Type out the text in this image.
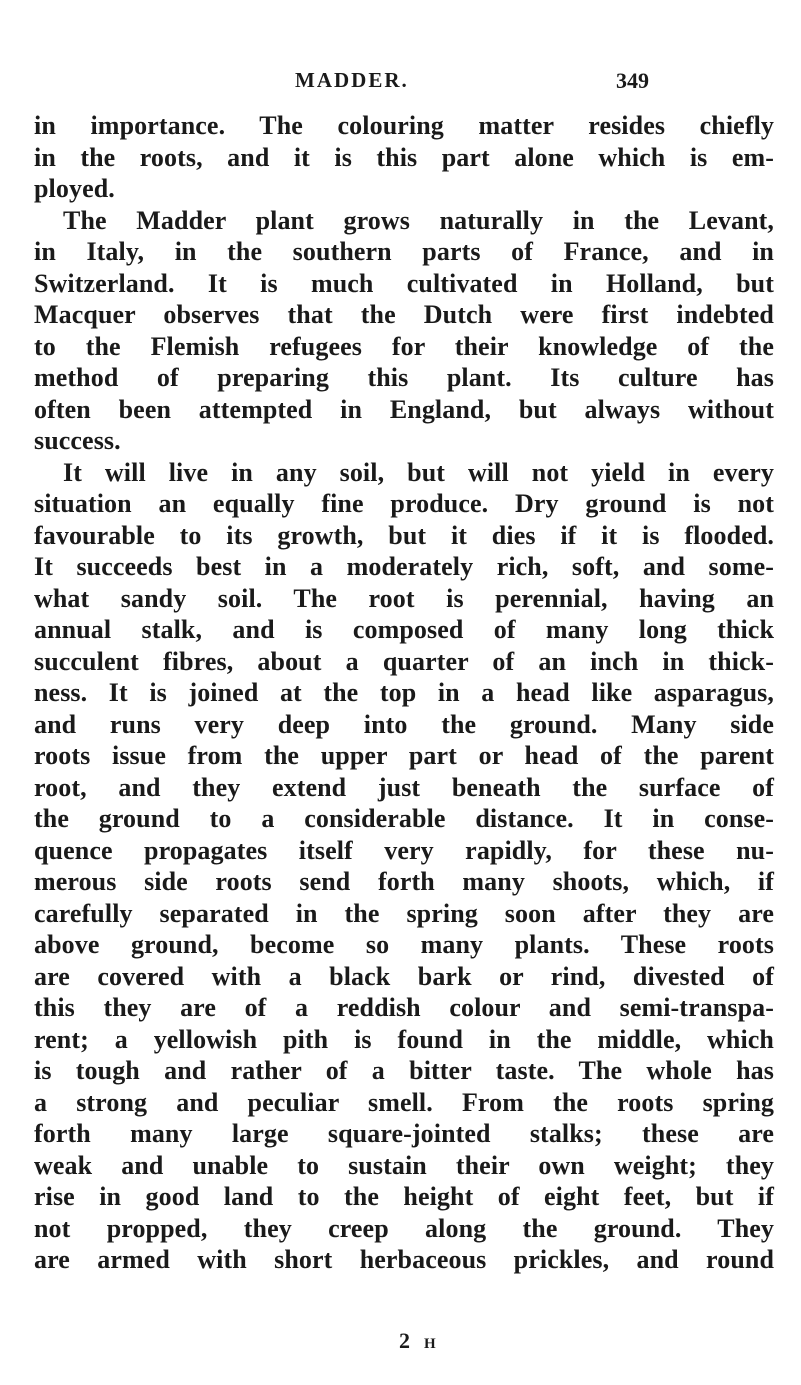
MADDER.	349
in importance. The colouring matter resides chiefly
in the roots, and it is this part alone which is em-
ployed.
The Madder plant grows naturally in the Levant,
in Italy, in the southern parts of France, and in
Switzerland. It is much cultivated in Holland, but
Macquer observes that the Dutch were first indebted
to the Flemish refugees for their knowledge of the
method of preparing this plant. Its culture has
often been attempted in England, but always without
success.
It will live in any soil, but will not yield in every
situation an equally fine produce. Dry ground is not
favourable to its growth, but it dies if it is flooded.
It succeeds best in a moderately rich, soft, and some-
what sandy soil. The root is perennial, having an
annual stalk, and is composed of many long thick
succulent fibres, about a quarter of an inch in thick-
ness. It is joined at the top in a head like asparagus,
and runs very deep into the ground. Many side
roots issue from the upper part or head of the parent
root, and they extend just beneath the surface of
the ground to a considerable distance. It in conse-
quence propagates itself very rapidly, for these nu-
merous side roots send forth many shoots, which, if
carefully separated in the spring soon after they are
above ground, become so many plants. These roots
are covered with a black bark or rind, divested of
this they are of a reddish colour and semi-transpa-
rent; a yellowish pith is found in the middle, which
is tough and rather of a bitter taste. The whole has
a strong and peculiar smell. From the roots spring
forth many large square-jointed stalks; these are
weak and unable to sustain their own weight; they
rise in good land to the height of eight feet, but if
not propped, they creep along the ground. They
are armed with short herbaceous prickles, and round
2 H
